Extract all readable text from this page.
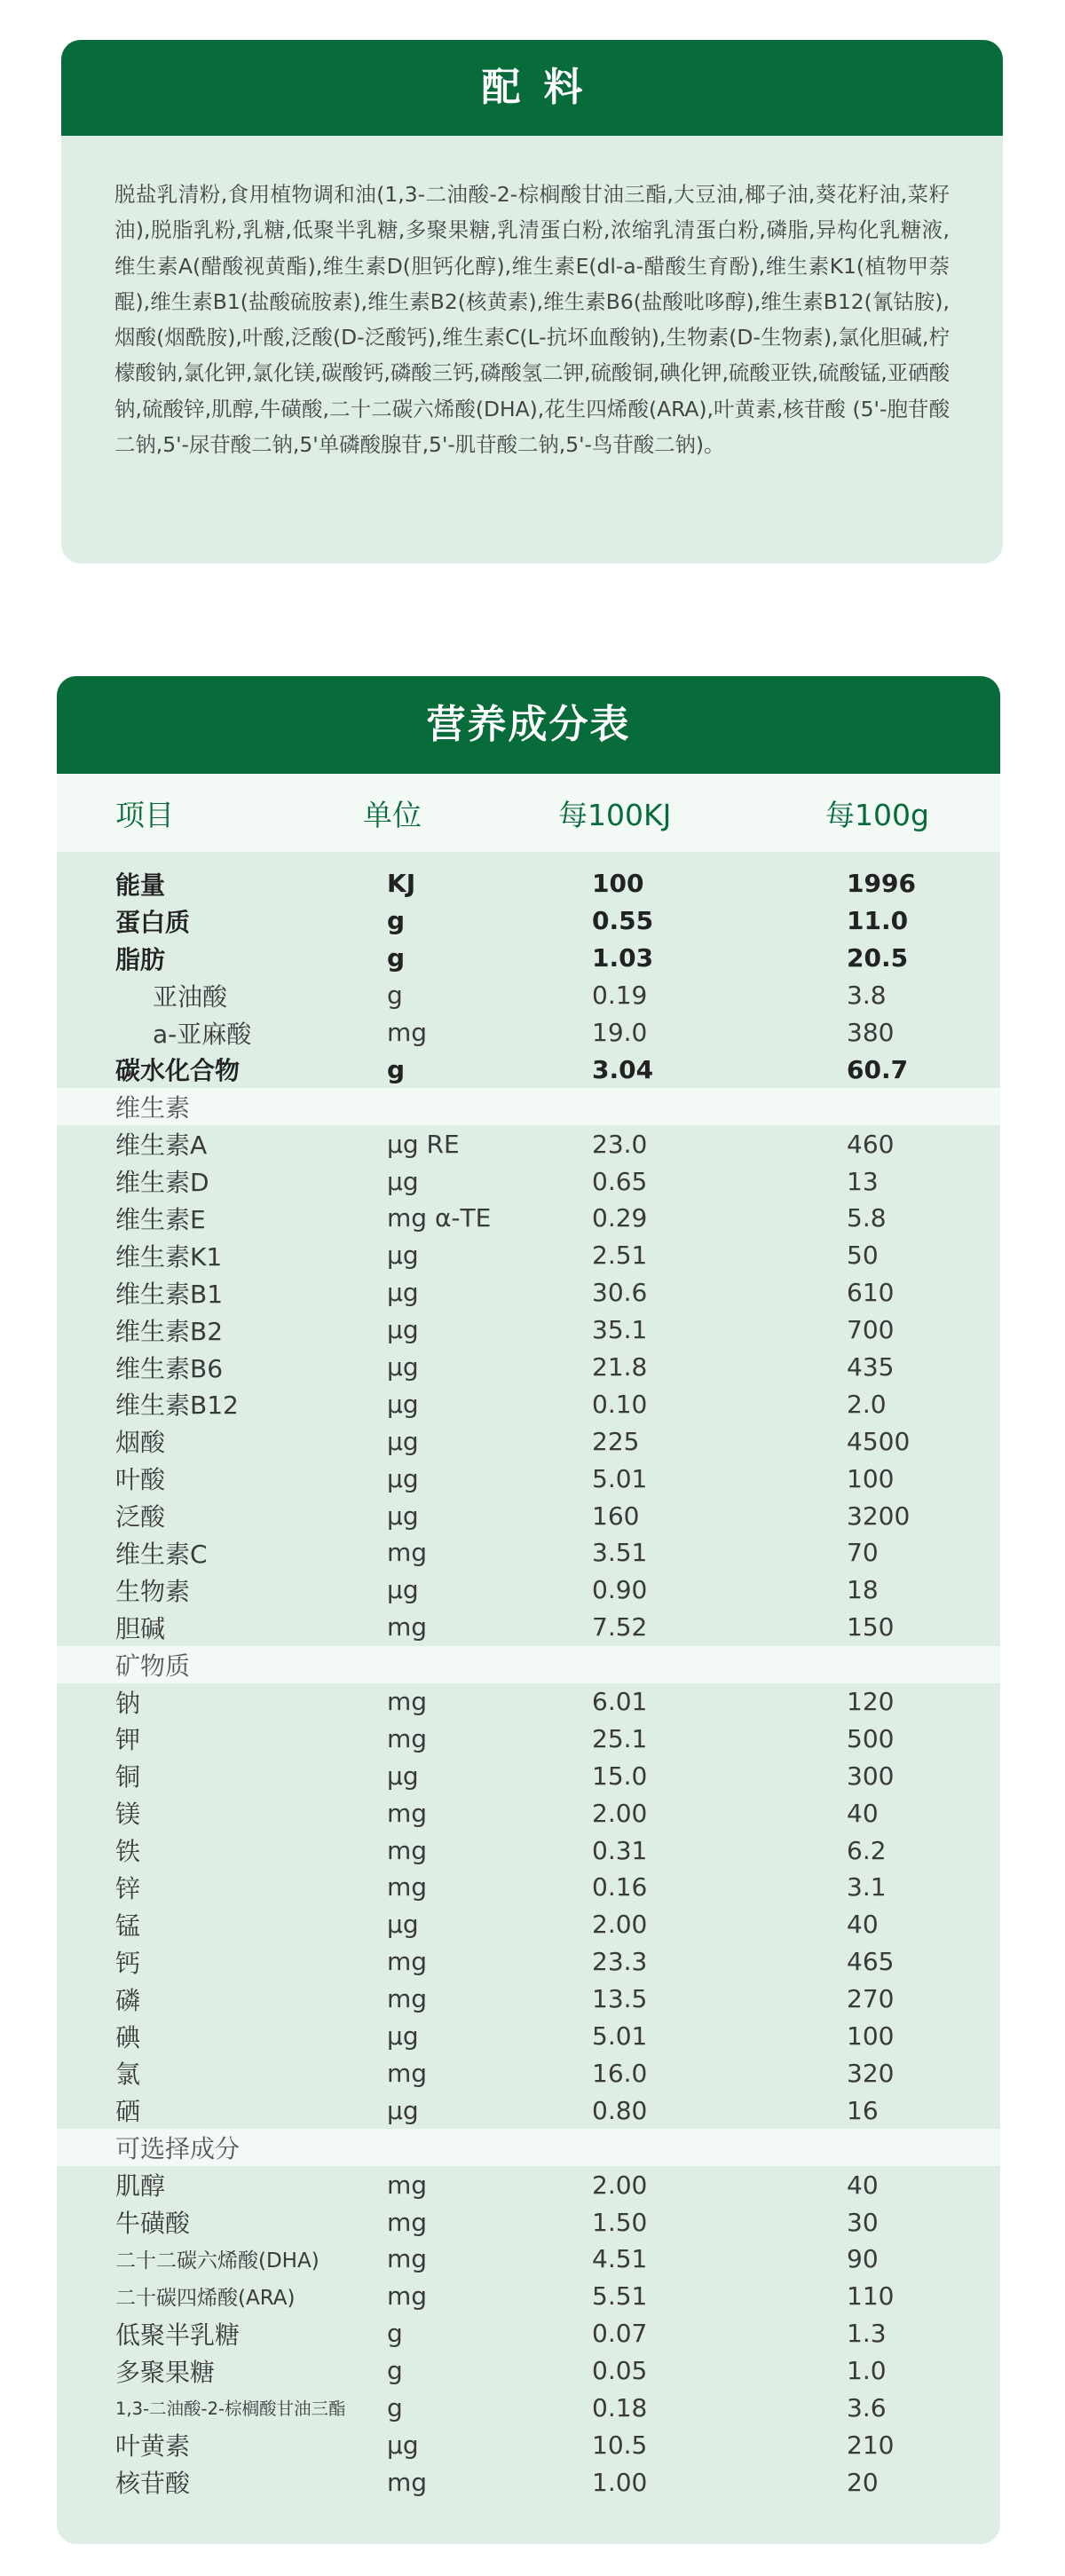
配料
脱盐乳清粉,食用植物调和油(1,3-二油酸-2-棕榈酸甘油三酯,大豆油,椰子油,葵花籽油,菜籽油),脱脂乳粉,乳糖,低聚半乳糖,多聚果糖,乳清蛋白粉,浓缩乳清蛋白粉,磷脂,异构化乳糖液,维生素A(醋酸视黄酯),维生素D(胆钙化醇),维生素E(dl-a-醋酸生育酚),维生素K1(植物甲萘醌),维生素B1(盐酸硫胺素),维生素B2(核黄素),维生素B6(盐酸吡哆醇),维生素B12(氰钴胺),烟酸(烟酰胺),叶酸,泛酸(D-泛酸钙),维生素C(L-抗坏血酸钠),生物素(D-生物素),氯化胆碱,柠檬酸钠,氯化钾,氯化镁,碳酸钙,磷酸三钙,磷酸氢二钾,硫酸铜,碘化钾,硫酸亚铁,硫酸锰,亚硒酸钠,硫酸锌,肌醇,牛磺酸,二十二碳六烯酸(DHA),花生四烯酸(ARA),叶黄素,核苷酸 (5'-胞苷酸二钠,5'-尿苷酸二钠,5'单磷酸腺苷,5'-肌苷酸二钠,5'-鸟苷酸二钠)。
营养成分表
项目	单位	每100KJ	每100g
能量	KJ	100	1996
蛋白质	g	0.55	11.0
脂肪	g	1.03	20.5
亚油酸	g	0.19	3.8
a-亚麻酸	mg	19.0	380
碳水化合物	g	3.04	60.7
维生素
维生素A	μg RE	23.0	460
维生素D	μg	0.65	13
维生素E	mg α-TE	0.29	5.8
维生素K1	μg	2.51	50
维生素B1	μg	30.6	610
维生素B2	μg	35.1	700
维生素B6	μg	21.8	435
维生素B12	μg	0.10	2.0
烟酸	μg	225	4500
叶酸	μg	5.01	100
泛酸	μg	160	3200
维生素C	mg	3.51	70
生物素	μg	0.90	18
胆碱	mg	7.52	150
矿物质
钠	mg	6.01	120
钾	mg	25.1	500
铜	μg	15.0	300
镁	mg	2.00	40
铁	mg	0.31	6.2
锌	mg	0.16	3.1
锰	μg	2.00	40
钙	mg	23.3	465
磷	mg	13.5	270
碘	μg	5.01	100
氯	mg	16.0	320
硒	μg	0.80	16
可选择成分
肌醇	mg	2.00	40
牛磺酸	mg	1.50	30
二十二碳六烯酸(DHA)	mg	4.51	90
二十碳四烯酸(ARA)	mg	5.51	110
低聚半乳糖	g	0.07	1.3
多聚果糖	g	0.05	1.0
1,3-二油酸-2-棕榈酸甘油三酯 g	0.18	3.6
叶黄素	μg	10.5	210
核苷酸	mg	1.00	20
